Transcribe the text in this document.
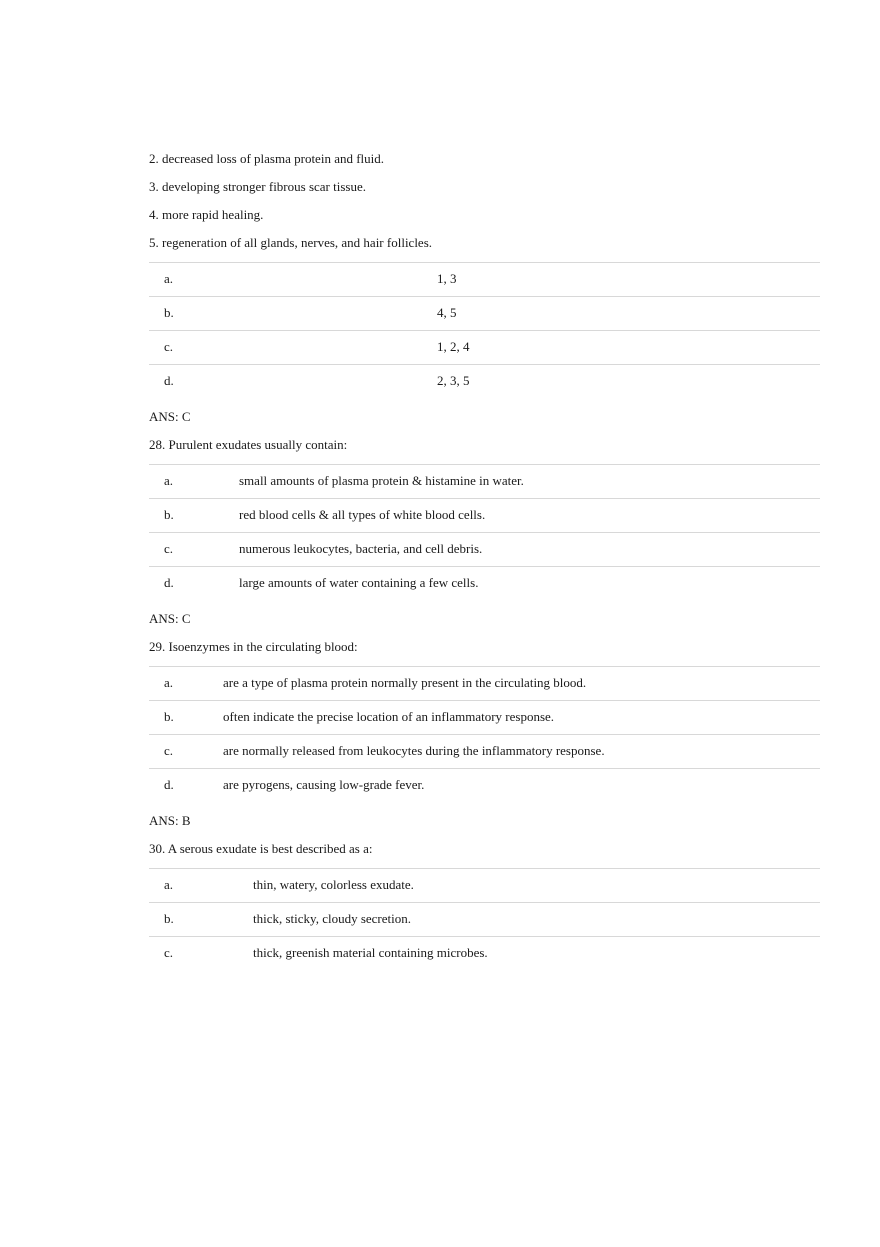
2. decreased loss of plasma protein and fluid.
3. developing stronger fibrous scar tissue.
4. more rapid healing.
5. regeneration of all glands, nerves, and hair follicles.
a.	1, 3
b.	4, 5
c.	1, 2, 4
d.	2, 3, 5
ANS: C
28. Purulent exudates usually contain:
a.	small amounts of plasma protein & histamine in water.
b.	red blood cells & all types of white blood cells.
c.	numerous leukocytes, bacteria, and cell debris.
d.	large amounts of water containing a few cells.
ANS: C
29. Isoenzymes in the circulating blood:
a.	are a type of plasma protein normally present in the circulating blood.
b.	often indicate the precise location of an inflammatory response.
c.	are normally released from leukocytes during the inflammatory response.
d.	are pyrogens, causing low-grade fever.
ANS: B
30. A serous exudate is best described as a:
a.	thin, watery, colorless exudate.
b.	thick, sticky, cloudy secretion.
c.	thick, greenish material containing microbes.
